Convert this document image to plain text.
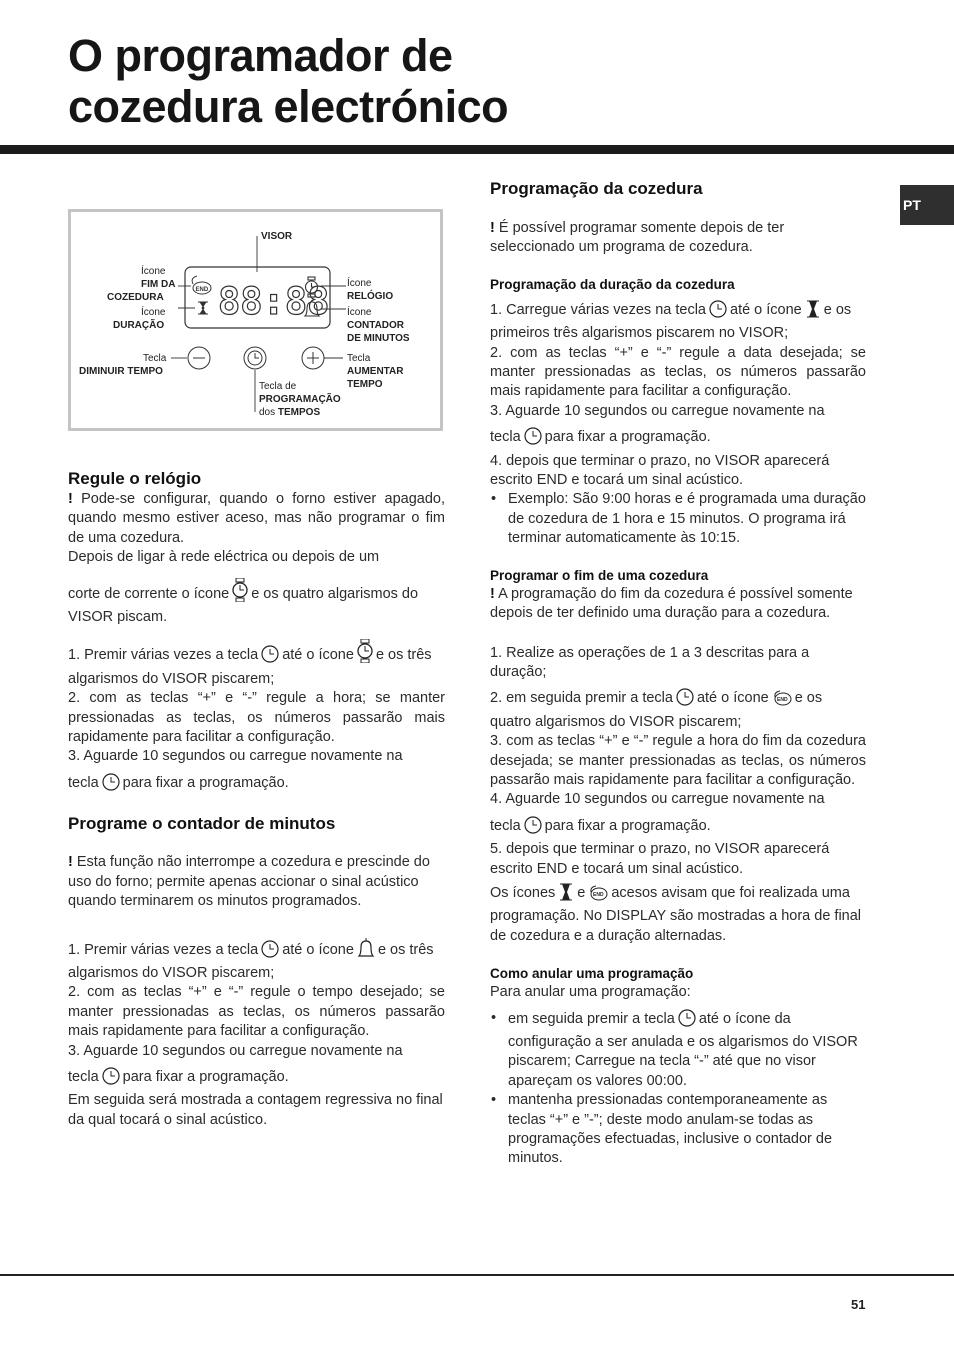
O programador de
cozedura electrónico
PT
88:88
END
VISOR
Ícone
FIM DA
COZEDURA
Ícone
DURAÇÃO
Ícone
RELÓGIO
Ícone
CONTADOR
DE MINUTOS
Tecla
DIMINUIR TEMPO
Tecla
AUMENTAR
TEMPO
Tecla de
PROGRAMAÇÃO
dos TEMPOS
Regule o relógio

! Pode-se configurar, quando o forno estiver apagado, quando mesmo estiver aceso, mas não programar o fim de uma cozedura.

Depois de ligar à rede eléctrica ou depois de um

corte de corrente o ícone e os quatro algarismos do VISOR piscam.

1. Premir várias vezes a tecla até o ícone e os três algarismos do VISOR piscarem;

2. com as teclas “+” e “-” regule a hora; se manter pressionadas as teclas, os números passarão mais rapidamente para facilitar a configuração.

3. Aguarde 10 segundos ou carregue novamente na

tecla para fixar a programação.

Programe o contador de minutos

! Esta função não interrompe a cozedura e prescinde do uso do forno; permite apenas accionar o sinal acústico quando terminarem os minutos programados.

1. Premir várias vezes a tecla até o ícone e os três algarismos do VISOR piscarem;

2. com as teclas “+” e “-” regule o tempo desejado; se manter pressionadas as teclas, os números passarão mais rapidamente para facilitar a configuração.

3. Aguarde 10 segundos ou carregue novamente na

tecla para fixar a programação.

Em seguida será mostrada a contagem regressiva no final da qual tocará o sinal acústico.

Programação da cozedura

! É possível programar somente depois de ter seleccionado um programa de cozedura.

Programação da duração da cozedura

1. Carregue várias vezes na tecla até o ícone e os primeiros três algarismos piscarem no VISOR;

2. com as teclas “+” e “-” regule a data desejada; se manter pressionadas as teclas, os números passarão mais rapidamente para facilitar a configuração.

3. Aguarde 10 segundos ou carregue novamente na

tecla para fixar a programação.

4. depois que terminar o prazo, no VISOR aparecerá escrito END e tocará um sinal acústico.

• Exemplo: São 9:00 horas e é programada uma duração de cozedura de 1 hora e 15 minutos. O programa irá terminar automaticamente às 10:15.

Programar o fim de uma cozedura

! A programação do fim da cozedura é possível somente depois de ter definido uma duração para a cozedura.

1. Realize as operações de 1 a 3 descritas para a duração;

2. em seguida premir a tecla até o ícone END e os quatro algarismos do VISOR piscarem;

3. com as teclas “+” e “-” regule a hora do fim da cozedura desejada; se manter pressionadas as teclas, os números passarão mais rapidamente para facilitar a configuração.

4. Aguarde 10 segundos ou carregue novamente na

tecla para fixar a programação.

5. depois que terminar o prazo, no VISOR aparecerá escrito END e tocará um sinal acústico.

Os ícones e END acesos avisam que foi realizada uma programação. No DISPLAY são mostradas a hora de final de cozedura e a duração alternadas.

Como anular uma programação

Para anular uma programação:

• em seguida premir a tecla até o ícone da configuração a ser anulada e os algarismos do VISOR piscarem; Carregue na tecla “-” até que no visor apareçam os valores 00:00.

• mantenha pressionadas contemporaneamente as teclas “+” e ”-”; deste modo anulam-se todas as programações efectuadas, inclusive o contador de minutos.

51
